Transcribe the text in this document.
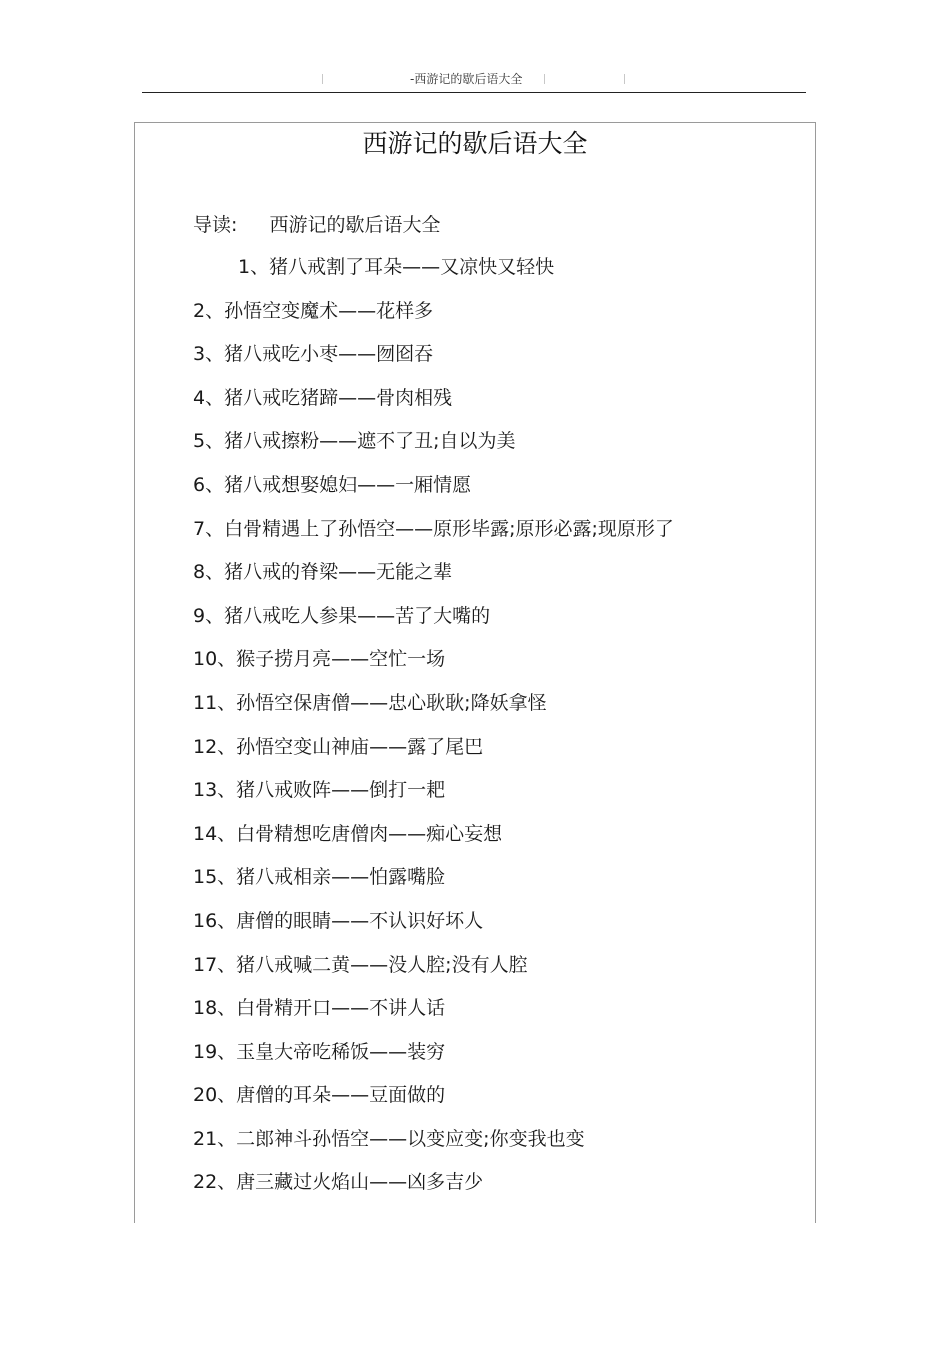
-西游记的歇后语大全
西游记的歇后语大全
导读: 西游记的歇后语大全
1、猪八戒割了耳朵——又凉快又轻快
2、孙悟空变魔术——花样多
3、猪八戒吃小枣——囫囵吞
4、猪八戒吃猪蹄——骨肉相残
5、猪八戒擦粉——遮不了丑;自以为美
6、猪八戒想娶媳妇——一厢情愿
7、白骨精遇上了孙悟空——原形毕露;原形必露;现原形了
8、猪八戒的脊梁——无能之辈
9、猪八戒吃人参果——苦了大嘴的
10、猴子捞月亮——空忙一场
11、孙悟空保唐僧——忠心耿耿;降妖拿怪
12、孙悟空变山神庙——露了尾巴
13、猪八戒败阵——倒打一耙
14、白骨精想吃唐僧肉——痴心妄想
15、猪八戒相亲——怕露嘴脸
16、唐僧的眼睛——不认识好坏人
17、猪八戒喊二黄——没人腔;没有人腔
18、白骨精开口——不讲人话
19、玉皇大帝吃稀饭——装穷
20、唐僧的耳朵——豆面做的
21、二郎神斗孙悟空——以变应变;你变我也变
22、唐三藏过火焰山——凶多吉少
